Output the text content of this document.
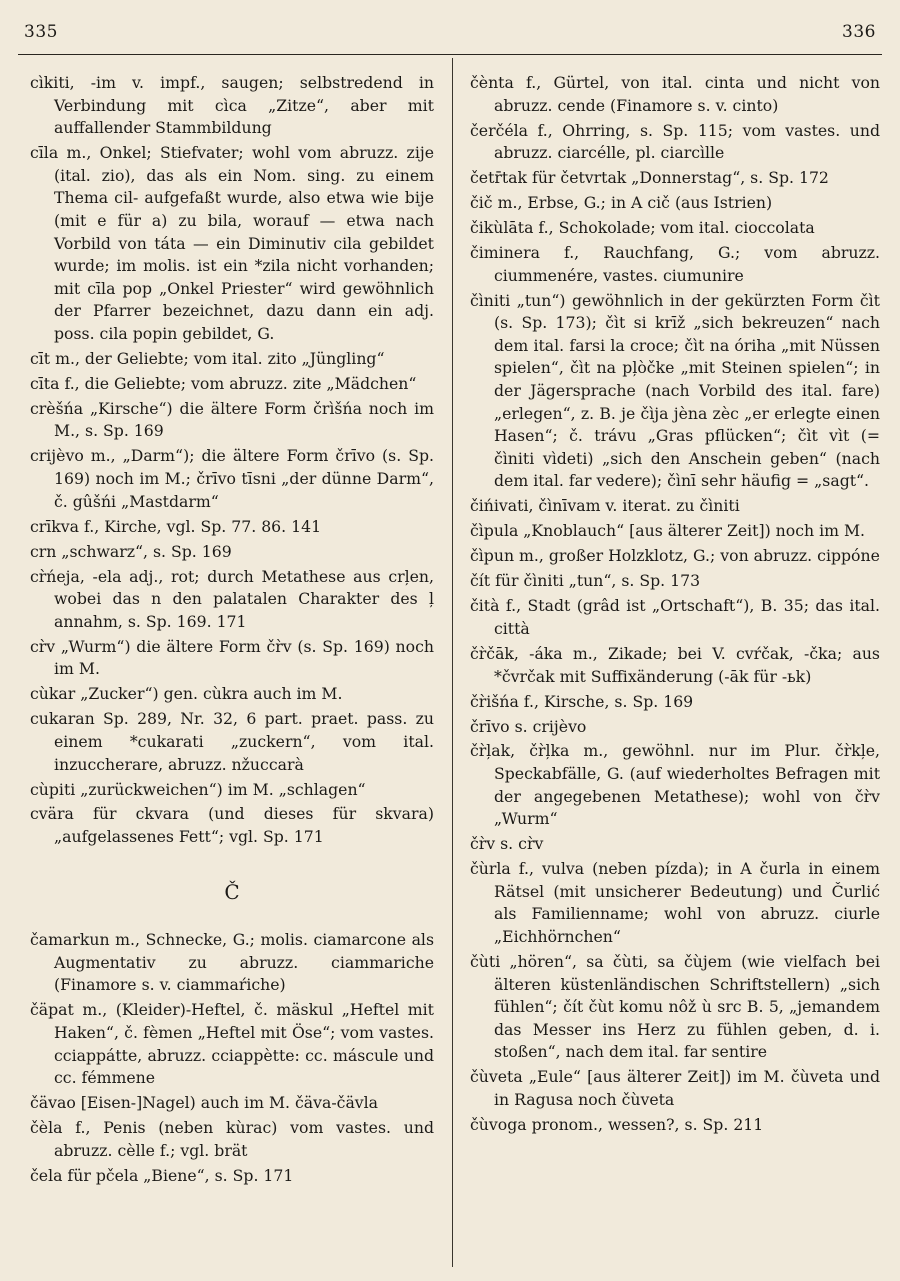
335	336

cìkiti, -im v. impf., saugen; selbstredend in Verbindung mit cìca „Zitze“, aber mit auffallender Stammbildung

cīla m., Onkel; Stiefvater; wohl vom abruzz. zije (ital. zio), das als ein Nom. sing. zu einem Thema cil- aufgefaßt wurde, also etwa wie bije (mit e für a) zu bila, worauf — etwa nach Vorbild von táta — ein Diminutiv cila gebildet wurde; im molis. ist ein *zila nicht vorhanden; mit cīla pop „Onkel Priester“ wird gewöhnlich der Pfarrer bezeichnet, dazu dann ein adj. poss. cila popin gebildet, G.

cīt m., der Geliebte; vom ital. zito „Jüngling“

cīta f., die Geliebte; vom abruzz. zite „Mädchen“

crèšńa „Kirsche“) die ältere Form črìšńa noch im M., s. Sp. 169

crijèvo m., „Darm“); die ältere Form črīvo (s. Sp. 169) noch im M.; črīvo tīsni „der dünne Darm“, č. gûšńi „Mastdarm“

crīkva f., Kirche, vgl. Sp. 77. 86. 141

crn „schwarz“, s. Sp. 169

cr̀ńeja, -ela adj., rot; durch Metathese aus crļen, wobei das n den palatalen Charakter des ļ annahm, s. Sp. 169. 171

cr̀v „Wurm“) die ältere Form čr̀v (s. Sp. 169) noch im M.

cùkar „Zucker“) gen. cùkra auch im M.

cukaran Sp. 289, Nr. 32, 6 part. praet. pass. zu einem *cukarati „zuckern“, vom ital. inzuccherare, abruzz. nžuccarà

cùpiti „zurückweichen“) im M. „schlagen“

cvära für ckvara (und dieses für skvara) „aufgelassenes Fett“; vgl. Sp. 171

Č

čamarkun m., Schnecke, G.; molis. ciamarcone als Augmentativ zu abruzz. ciammariche (Finamore s. v. ciammaŕiche)

čäpat m., (Kleider)-Heftel, č. mäskul „Heftel mit Haken“, č. fèmen „Heftel mit Öse“; vom vastes. cciappátte, abruzz. cciappètte: cc. máscule und cc. fémmene

čävao [Eisen-]Nagel) auch im M. čäva-čävla

čèla f., Penis (neben kùrac) vom vastes. und abruzz. cèlle f.; vgl. brät

čela für pčela „Biene“, s. Sp. 171

čènta f., Gürtel, von ital. cinta und nicht von abruzz. cende (Finamore s. v. cinto)

čerčéla f., Ohrring, s. Sp. 115; vom vastes. und abruzz. ciarcélle, pl. ciarcìlle

četr̄tak für četvrtak „Donnerstag“, s. Sp. 172

čič m., Erbse, G.; in A cič (aus Istrien)

čikùlāta f., Schokolade; vom ital. cioccolata

čiminera f., Rauchfang, G.; vom abruzz. ciummenére, vastes. ciumunire

čìniti „tun“) gewöhnlich in der gekürzten Form čìt (s. Sp. 173); čìt si krīž „sich bekreuzen“ nach dem ital. farsi la croce; čìt na óriha „mit Nüssen spielen“, čìt na pļòčke „mit Steinen spielen“; in der Jägersprache (nach Vorbild des ital. fare) „erlegen“, z. B. je čìja jèna zèc „er erlegte einen Hasen“; č. trávu „Gras pflücken“; čìt vìt (= čìniti vìdeti) „sich den Anschein geben“ (nach dem ital. far vedere); čìnī sehr häufig = „sagt“.

čińivati, čìnīvam v. iterat. zu čìniti

čìpula „Knoblauch“ [aus älterer Zeit]) noch im M.

čìpun m., großer Holzklotz, G.; von abruzz. cippóne

čít für čìniti „tun“, s. Sp. 173

čità f., Stadt (grâd ist „Ortschaft“), B. 35; das ital. città

čr̀čāk, -áka m., Zikade; bei V. cvŕčak, -čka; aus *čvrčak mit Suffixänderung (-āk für -ьk)

čr̀išńa f., Kirsche, s. Sp. 169

črīvo s. crijèvo

čr̀ļak, čr̀ļka m., gewöhnl. nur im Plur. čr̀kļe, Speckabfälle, G. (auf wiederholtes Befragen mit der angegebenen Metathese); wohl von čr̀v „Wurm“

čr̀v s. cr̀v

čùrla f., vulva (neben pízda); in A čurla in einem Rätsel (mit unsicherer Bedeutung) und Čurlić als Familienname; wohl von abruzz. ciurle „Eichhörnchen“

čùti „hören“, sa čùti, sa čùjem (wie vielfach bei älteren küstenländischen Schriftstellern) „sich fühlen“; čít čùt komu nôž ù src B. 5, „jemandem das Messer ins Herz zu fühlen geben, d. i. stoßen“, nach dem ital. far sentire

čùveta „Eule“ [aus älterer Zeit]) im M. čùveta und in Ragusa noch čùveta

čùvoga pronom., wessen?, s. Sp. 211
